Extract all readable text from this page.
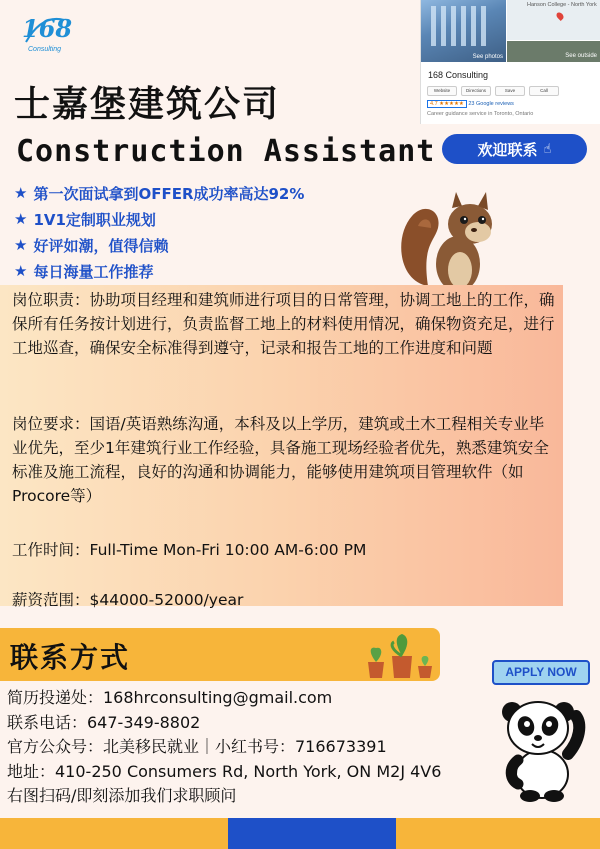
168
Consulting
See photos
Hanson College - North York
See outside
168 Consulting
Website	Directions	Save	Call
4.7 ★★★★★ 23 Google reviews
Career guidance service in Toronto, Ontario
士嘉堡建筑公司
Construction Assistant	欢迎联系 ☝
★ 第一次面试拿到OFFER成功率高达92%
★ 1V1定制职业规划
★ 好评如潮，值得信赖
★ 每日海量工作推荐
岗位职责：协助项目经理和建筑师进行项目的日常管理，协调工地上的工作，确保所有任务按计划进行，负责监督工地上的材料使用情况，确保物资充足，进行工地巡查，确保安全标准得到遵守，记录和报告工地的工作进度和问题
岗位要求：国语/英语熟练沟通，本科及以上学历，建筑或土木工程相关专业毕业优先，至少1年建筑行业工作经验，具备施工现场经验者优先，熟悉建筑安全标准及施工流程，良好的沟通和协调能力，能够使用建筑项目管理软件（如Procore等）
工作时间：Full-Time Mon-Fri 10:00 AM-6:00 PM
薪资范围：$44000-52000/year
联系方式	APPLY NOW
简历投递处：168hrconsulting@gmail.com
联系电话：647-349-8802
官方公众号：北美移民就业｜小红书号：716673391
地址：410-250 Consumers Rd, North York, ON M2J 4V6
右图扫码/即刻添加我们求职顾问
